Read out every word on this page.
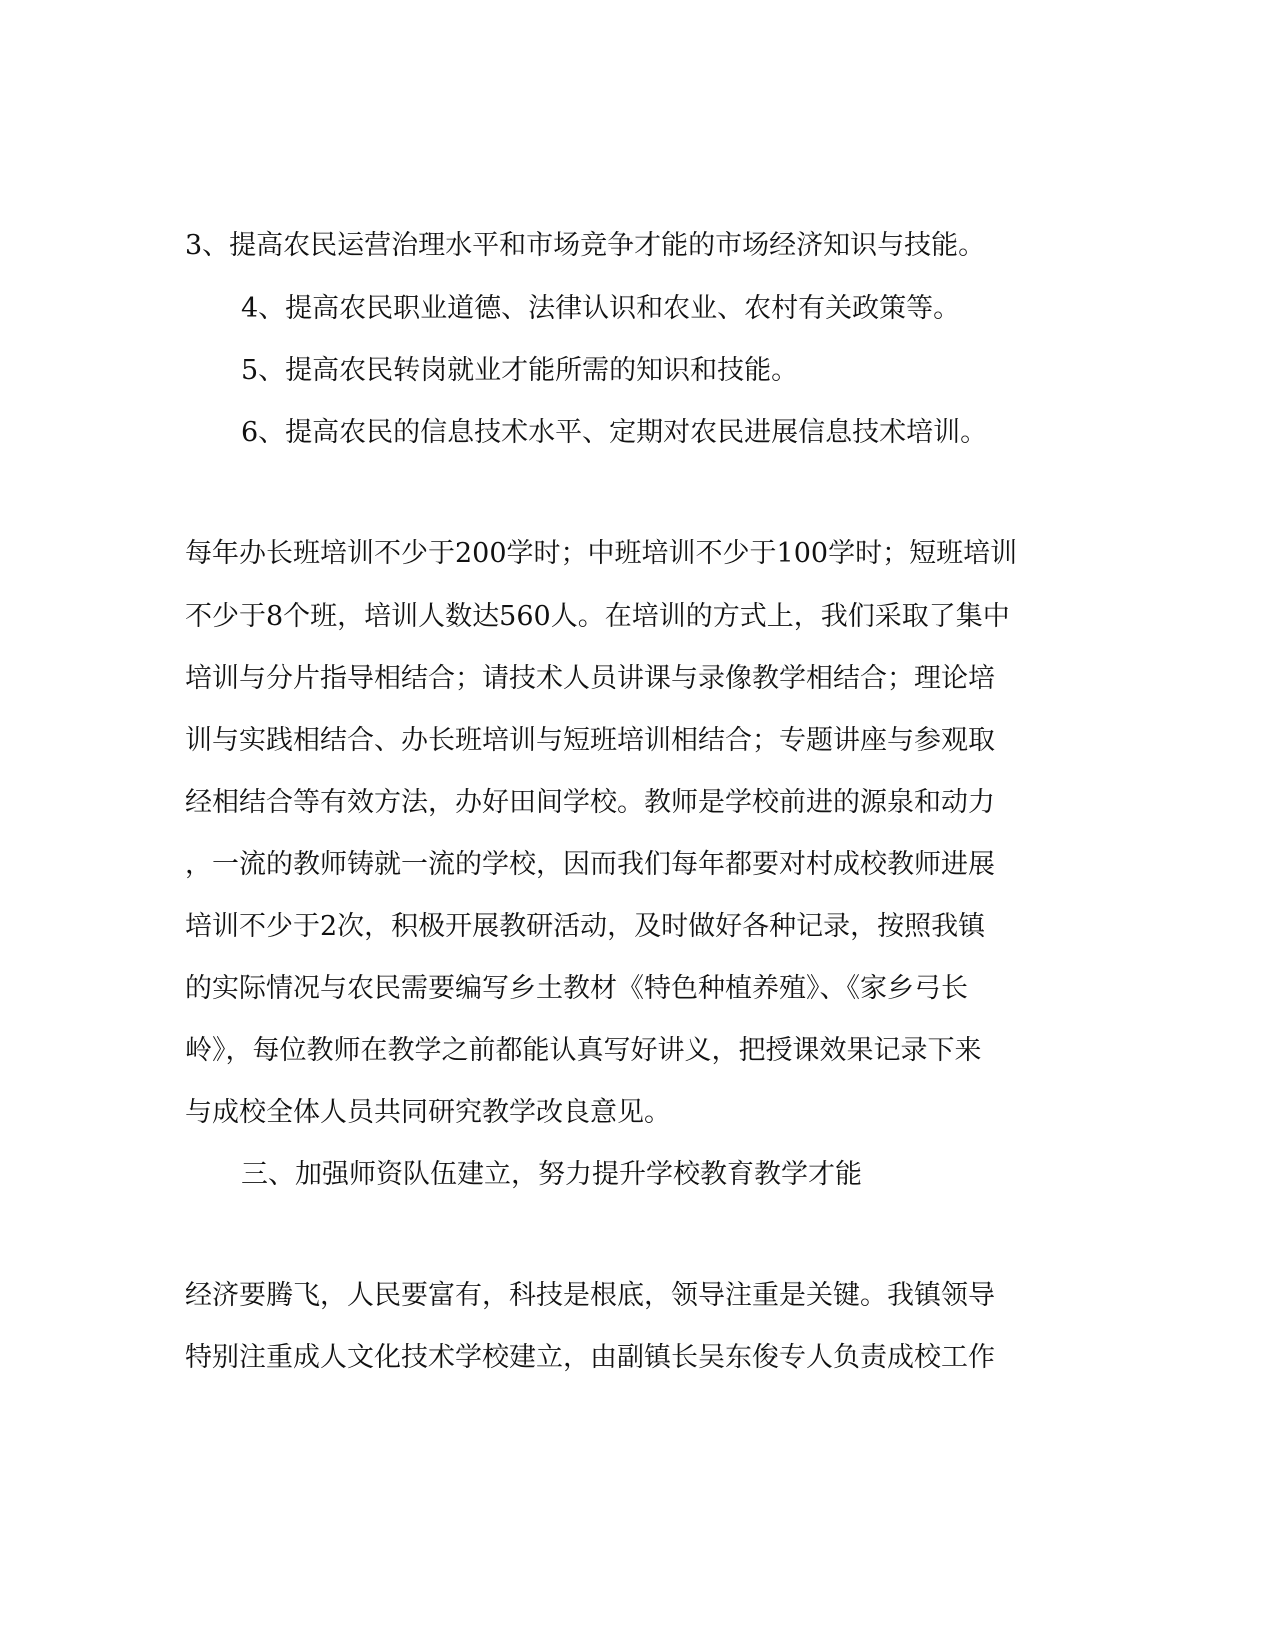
3、提高农民运营治理水平和市场竞争才能的市场经济知识与技能。
4、提高农民职业道德、法律认识和农业、农村有关政策等。
5、提高农民转岗就业才能所需的知识和技能。
6、提高农民的信息技术水平、定期对农民进展信息技术培训。
每年办长班培训不少于200学时；中班培训不少于100学时；短班培训
不少于8个班，培训人数达560人。在培训的方式上，我们采取了集中
培训与分片指导相结合；请技术人员讲课与录像教学相结合；理论培
训与实践相结合、办长班培训与短班培训相结合；专题讲座与参观取
经相结合等有效方法，办好田间学校。教师是学校前进的源泉和动力
，一流的教师铸就一流的学校，因而我们每年都要对村成校教师进展
培训不少于2次，积极开展教研活动，及时做好各种记录，按照我镇
的实际情况与农民需要编写乡土教材《特色种植养殖》、《家乡弓长
岭》，每位教师在教学之前都能认真写好讲义，把授课效果记录下来
与成校全体人员共同研究教学改良意见。
三、加强师资队伍建立，努力提升学校教育教学才能
经济要腾飞，人民要富有，科技是根底，领导注重是关键。我镇领导
特别注重成人文化技术学校建立，由副镇长吴东俊专人负责成校工作
